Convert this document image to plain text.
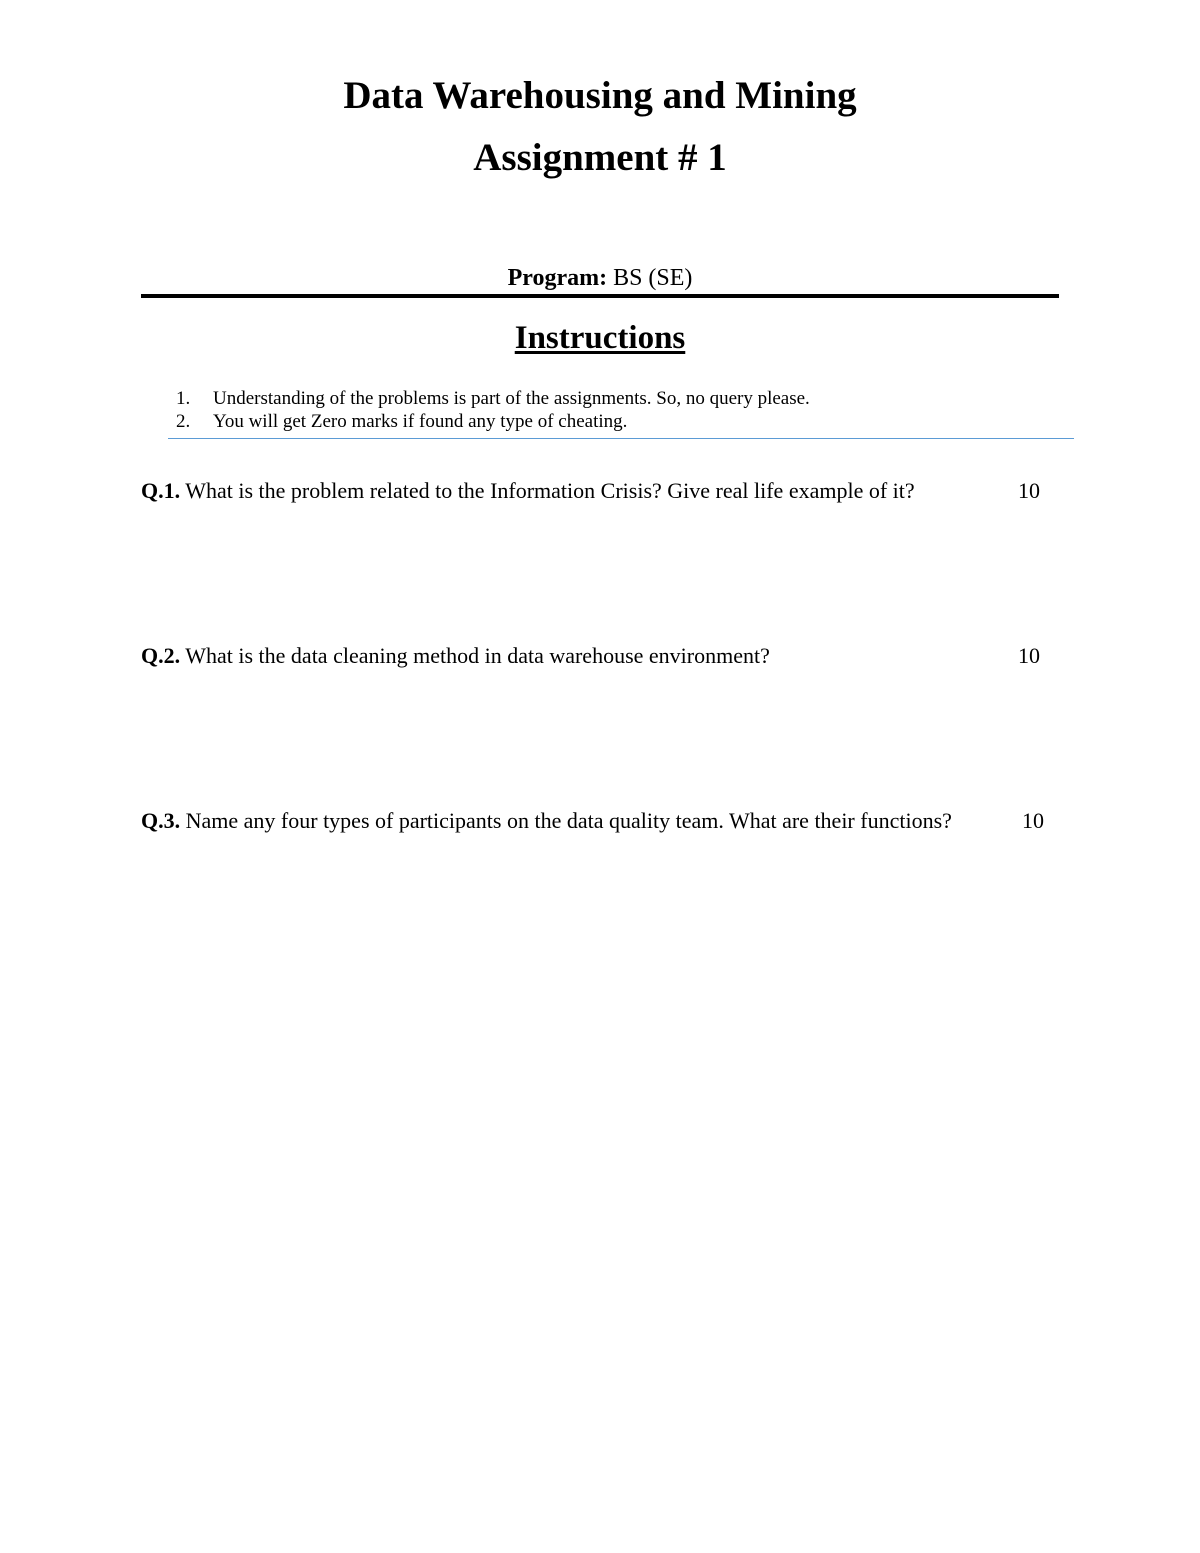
Data Warehousing and Mining
Assignment # 1
Program: BS (SE)
Instructions
1. Understanding of the problems is part of the assignments. So, no query please.
2. You will get Zero marks if found any type of cheating.
Q.1. What is the problem related to the Information Crisis? Give real life example of it?	10
Q.2. What is the data cleaning method in data warehouse environment?	10
Q.3. Name any four types of participants on the data quality team. What are their functions?	10
